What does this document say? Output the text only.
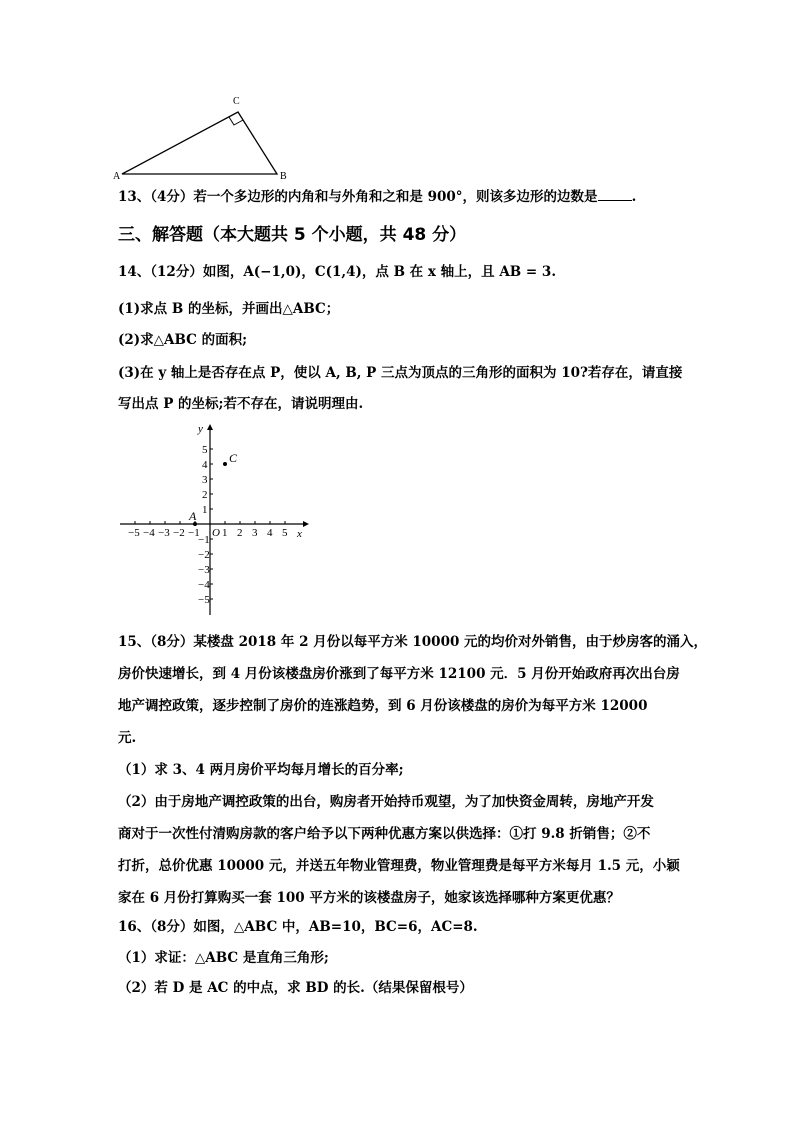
A
C
B
13、（4分）若一个多边形的内角和与外角和之和是 900°，则该多边形的边数是	.
三、解答题（本大题共 5 个小题，共 48 分）
14、（12分）如图，A(−1,0)，C(1,4)，点 B 在 x 轴上，且 AB = 3.
(1)求点 B 的坐标，并画出△ABC；
(2)求△ABC 的面积;
(3)在 y 轴上是否存在点 P，使以 A, B, P 三点为顶点的三角形的面积为 10?若存在，请直接
写出点 P 的坐标;若不存在，请说明理由.
−5 −4 −3 −2 −1 1 2 3 4 5
5
4
3
2
1
−1
−2
−3
−4
−5
O	x
y
C
A
15、（8分）某楼盘 2018 年 2 月份以每平方米 10000 元的均价对外销售，由于炒房客的涌入，
房价快速增长，到 4 月份该楼盘房价涨到了每平方米 12100 元．5 月份开始政府再次出台房
地产调控政策，逐步控制了房价的连涨趋势，到 6 月份该楼盘的房价为每平方米 12000
元.
（1）求 3、4 两月房价平均每月增长的百分率;
（2）由于房地产调控政策的出台，购房者开始持币观望，为了加快资金周转，房地产开发
商对于一次性付清购房款的客户给予以下两种优惠方案以供选择：①打 9.8 折销售；②不
打折，总价优惠 10000 元，并送五年物业管理费，物业管理费是每平方米每月 1.5 元，小颖
家在 6 月份打算购买一套 100 平方米的该楼盘房子，她家该选择哪种方案更优惠？
16、（8分）如图，△ABC 中，AB=10，BC=6，AC=8.
（1）求证：△ABC 是直角三角形;
（2）若 D 是 AC 的中点，求 BD 的长.（结果保留根号）
